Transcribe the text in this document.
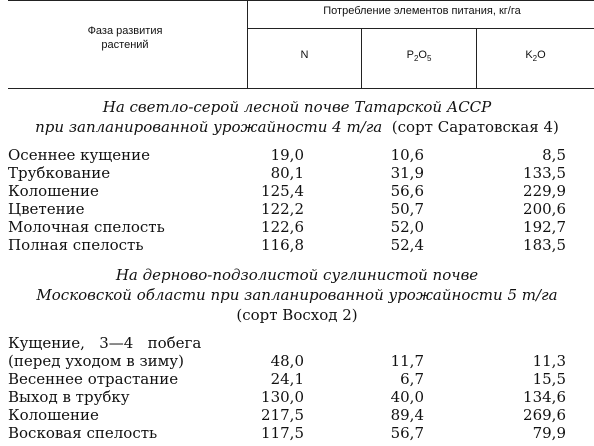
Фаза развития
растений
Потребление элементов питания, кг/га
N	$P_2O_5$	$K_2O$
На светло-серой лесной почве Татарской АССР
при запланированной урожайности 4 т/га (сорт Саратовская 4)
Осеннее кущение	19,0	10,6	8,5
Трубкование	80,1	31,9	133,5
Колошение	125,4	56,6	229,9
Цветение	122,2	50,7	200,6
Молочная спелость	122,6	52,0	192,7
Полная спелость	116,8	52,4	183,5
На дерново-подзолистой суглинистой почве
Московской области при запланированной урожайности 5 т/га
(сорт Восход 2)
Кущение,   3—4   побега
(перед уходом в зиму)	48,0	11,7	11,3
Весеннее отрастание	24,1	6,7	15,5
Выход в трубку	130,0	40,0	134,6
Колошение	217,5	89,4	269,6
Восковая спелость	117,5	56,7	79,9
